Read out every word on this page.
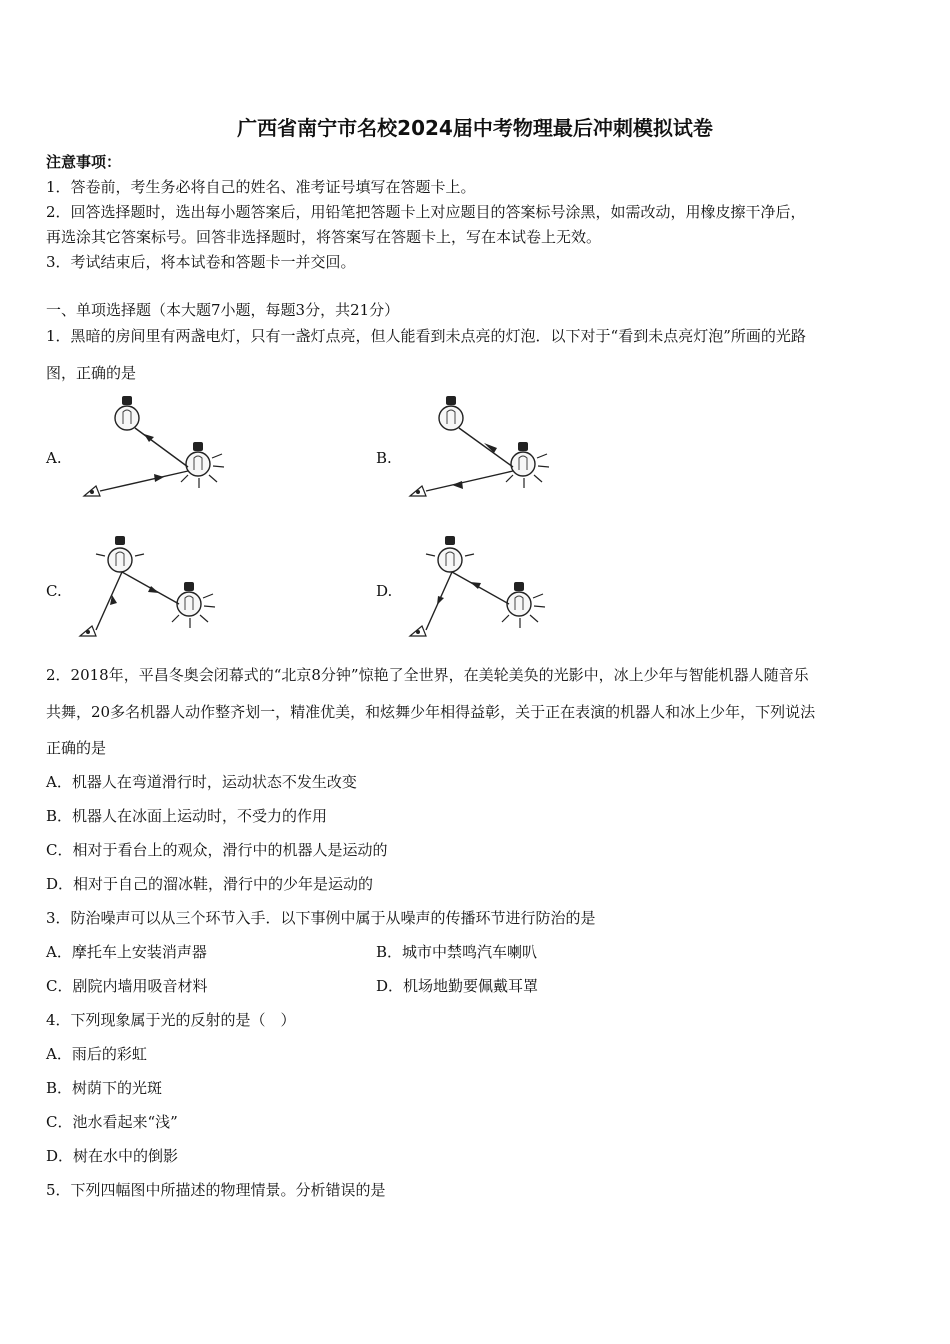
广西省南宁市名校2024届中考物理最后冲刺模拟试卷
注意事项：
1．答卷前，考生务必将自己的姓名、准考证号填写在答题卡上。
2．回答选择题时，选出每小题答案后，用铅笔把答题卡上对应题目的答案标号涂黑，如需改动，用橡皮擦干净后，
再选涂其它答案标号。回答非选择题时，将答案写在答题卡上，写在本试卷上无效。
3．考试结束后，将本试卷和答题卡一并交回。
一、单项选择题（本大题7小题，每题3分，共21分）
1．黑暗的房间里有两盏电灯，只有一盏灯点亮，但人能看到未点亮的灯泡．以下对于“看到未点亮灯泡”所画的光路
图，正确的是
A.	B.
C.	D.
2．2018年，平昌冬奥会闭幕式的“北京8分钟”惊艳了全世界，在美轮美奂的光影中，冰上少年与智能机器人随音乐
共舞，20多名机器人动作整齐划一，精准优美，和炫舞少年相得益彰，关于正在表演的机器人和冰上少年，下列说法
正确的是
A．机器人在弯道滑行时，运动状态不发生改变
B．机器人在冰面上运动时，不受力的作用
C．相对于看台上的观众，滑行中的机器人是运动的
D．相对于自己的溜冰鞋，滑行中的少年是运动的
3．防治噪声可以从三个环节入手．以下事例中属于从噪声的传播环节进行防治的是
A．摩托车上安装消声器	B．城市中禁鸣汽车喇叭
C．剧院内墙用吸音材料	D．机场地勤要佩戴耳罩
4．下列现象属于光的反射的是（　）
A．雨后的彩虹
B．树荫下的光斑
C．池水看起来“浅”
D．树在水中的倒影
5．下列四幅图中所描述的物理情景。分析错误的是
